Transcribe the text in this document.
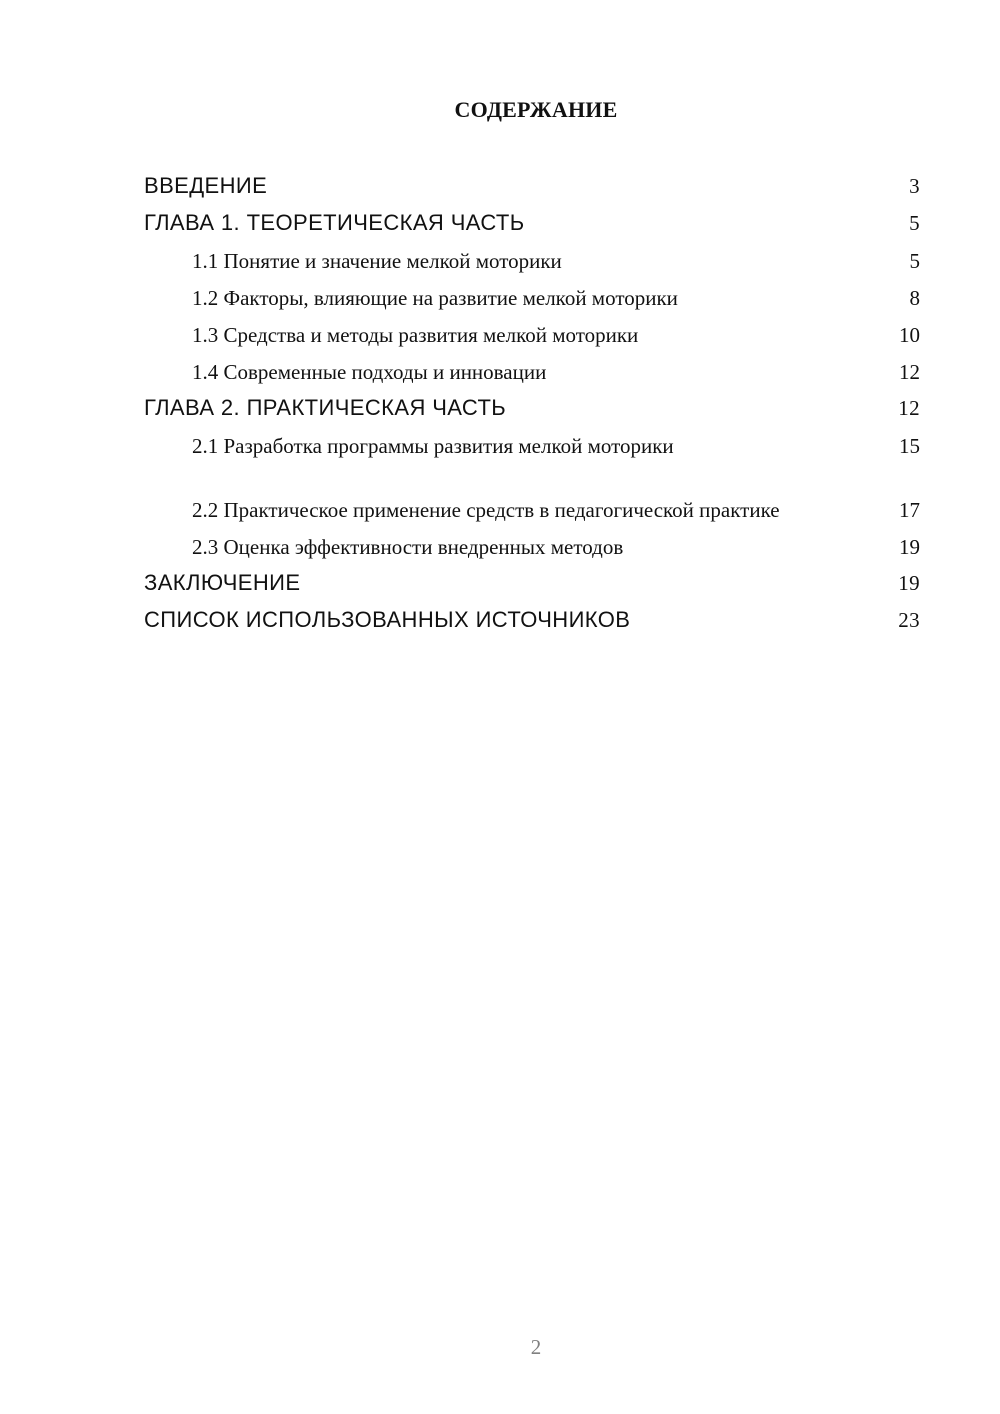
СОДЕРЖАНИЕ
ВВЕДЕНИЕ	3
ГЛАВА 1. ТЕОРЕТИЧЕСКАЯ ЧАСТЬ	5
1.1 Понятие и значение мелкой моторики	5
1.2 Факторы, влияющие на развитие мелкой моторики	8
1.3 Средства и методы развития мелкой моторики	10
1.4 Современные подходы и инновации	12
ГЛАВА 2. ПРАКТИЧЕСКАЯ ЧАСТЬ	12
2.1 Разработка программы развития мелкой моторики	15
2.2 Практическое применение средств в педагогической практике	17
2.3 Оценка эффективности внедренных методов	19
ЗАКЛЮЧЕНИЕ	19
СПИСОК ИСПОЛЬЗОВАННЫХ ИСТОЧНИКОВ	23
2
